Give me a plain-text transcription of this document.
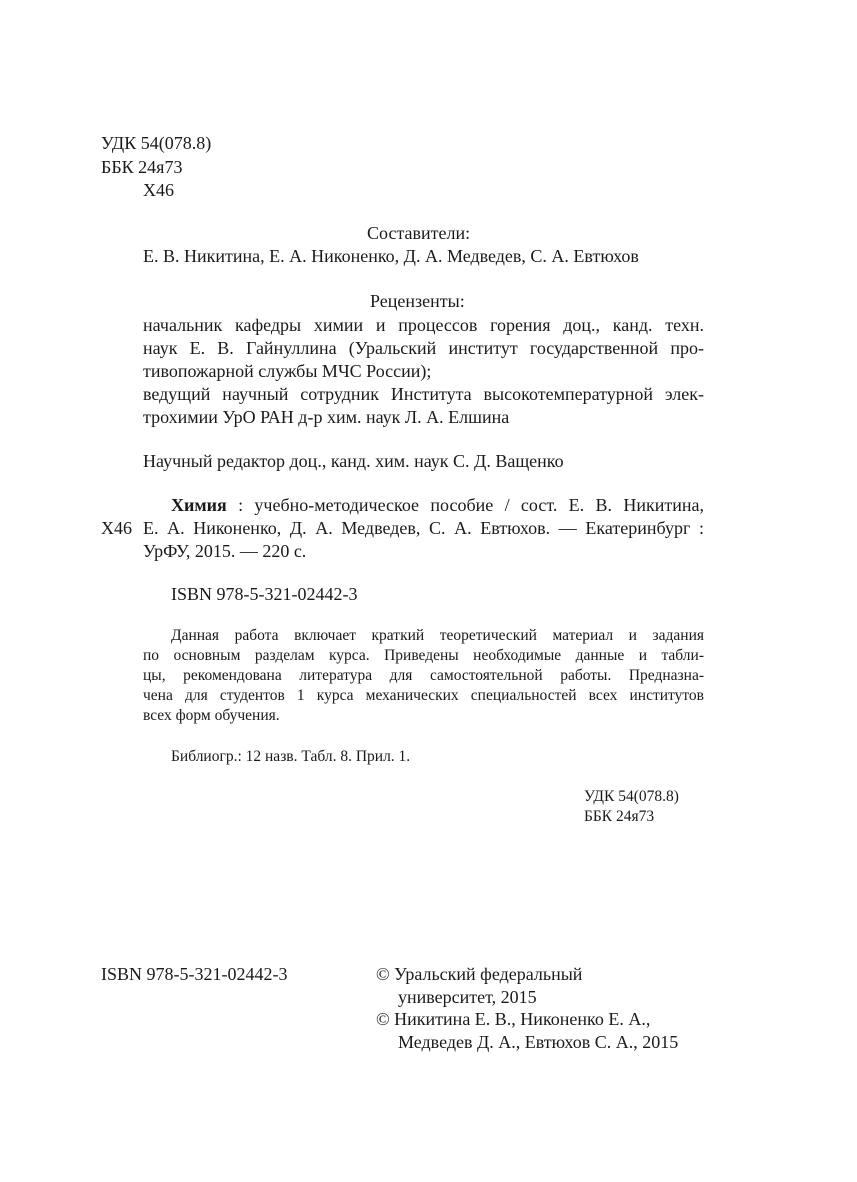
УДК 54(078.8)
ББК 24я73
Х46
Составители:
Е. В. Никитина, Е. А. Никоненко, Д. А. Медведев, С. А. Евтюхов
Рецензенты:
начальник кафедры химии и процессов горения доц., канд. техн.
наук Е. В. Гайнуллина (Уральский институт государственной про-
тивопожарной службы МЧС России);
ведущий научный сотрудник Института высокотемпературной элек-
трохимии УрО РАН д-р хим. наук Л. А. Елшина
Научный редактор доц., канд. хим. наук С. Д. Ващенко
Х46
Химия : учебно-методическое пособие / сост. Е. В. Никитина,
Е. А. Никоненко, Д. А. Медведев, С. А. Евтюхов. — Екатеринбург :
УрФУ, 2015. — 220 с.
ISBN 978-5-321-02442-3
Данная работа включает краткий теоретический материал и задания
по основным разделам курса. Приведены необходимые данные и табли-
цы, рекомендована литература для самостоятельной работы. Предназна-
чена для студентов 1 курса механических специальностей всех институтов
всех форм обучения.
Библиогр.: 12 назв. Табл. 8. Прил. 1.
УДК 54(078.8)
ББК 24я73
ISBN 978-5-321-02442-3	© Уральский федеральный
университет, 2015
© Никитина Е. В., Никоненко Е. А.,
Медведев Д. А., Евтюхов С. А., 2015
